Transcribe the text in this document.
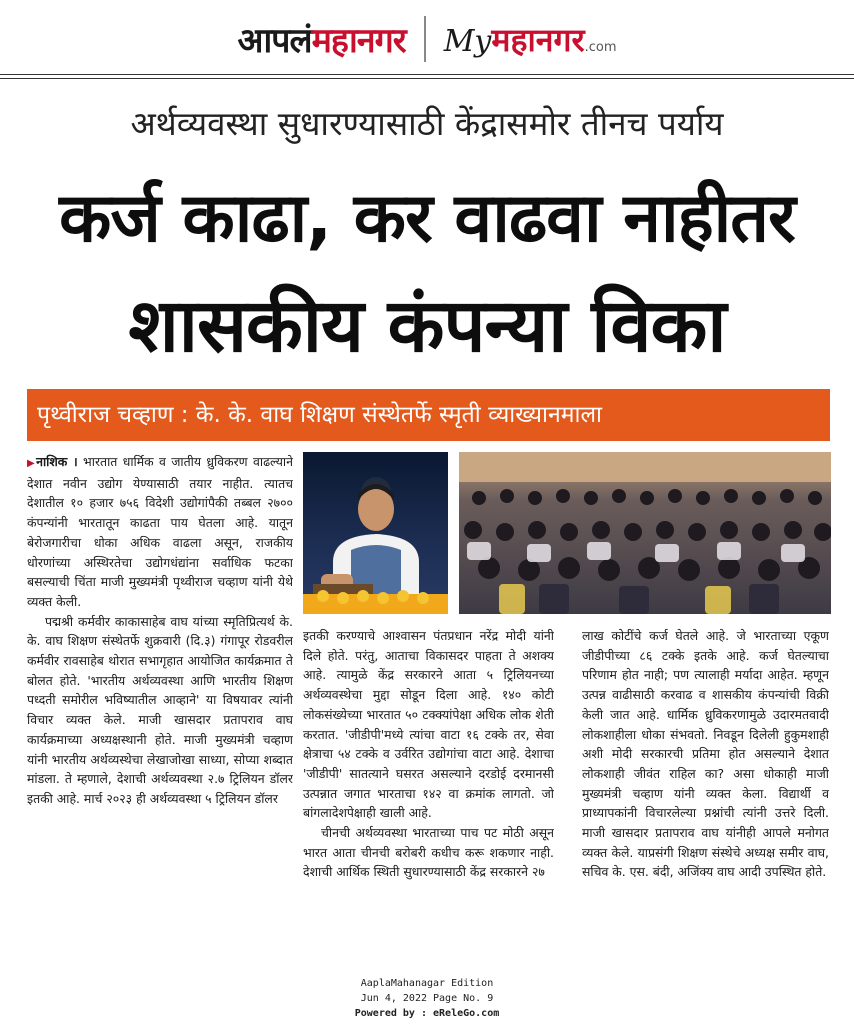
आपलंमहानगर Myमहानगर.com
अर्थव्यवस्था सुधारण्यासाठी केंद्रासमोर तीनच पर्याय
कर्ज काढा, कर वाढवा नाहीतर
शासकीय कंपन्या विका
पृथ्वीराज चव्हाण : के. के. वाघ शिक्षण संस्थेतर्फे स्मृती व्याख्यानमाला

▶नाशिक । भारतात धार्मिक व जातीय ध्रुविकरण वाढल्याने देशात नवीन उद्योग येण्यासाठी तयार नाहीत. त्यातच देशातील १० हजार ७५६ विदेशी उद्योगांपैकी तब्बल २७०० कंपन्यांनी भारतातून काढता पाय घेतला आहे. यातून बेरोजगारीचा धोका अधिक वाढला असून, राजकीय धोरणांच्या अस्थिरतेचा उद्योगधंद्यांना सर्वाधिक फटका बसल्याची चिंता माजी मुख्यमंत्री पृथ्वीराज चव्हाण यांनी येथे व्यक्त केली.

पद्मश्री कर्मवीर काकासाहेब वाघ यांच्या स्मृतिप्रित्यर्थ के. के. वाघ शिक्षण संस्थेतर्फे शुक्रवारी (दि.३) गंगापूर रोडवरील कर्मवीर रावसाहेब थोरात सभागृहात आयोजित कार्यक्रमात ते बोलत होते. 'भारतीय अर्थव्यवस्था आणि भारतीय शिक्षण पध्दती समोरील भविष्यातील आव्हाने' या विषयावर त्यांनी विचार व्यक्त केले. माजी खासदार प्रतापराव वाघ कार्यक्रमाच्या अध्यक्षस्थानी होते. माजी मुख्यमंत्री चव्हाण यांनी भारतीय अर्थव्यस्थेचा लेखाजोखा साध्या, सोप्या शब्दात मांडला. ते म्हणाले, देशाची अर्थव्यवस्था २.७ ट्रिलियन डॉलर इतकी आहे. मार्च २०२३ ही अर्थव्यवस्था ५ ट्रिलियन डॉलर

इतकी करण्याचे आश्वासन पंतप्रधान नरेंद्र मोदी यांनी दिले होते. परंतु, आताचा विकासदर पाहता ते अशक्य आहे. त्यामुळे केंद्र सरकारने आता ५ ट्रिलियनच्या अर्थव्यवस्थेचा मुद्दा सोडून दिला आहे. १४० कोटी लोकसंख्येच्या भारतात ५० टक्क्यांपेक्षा अधिक लोक शेती करतात. 'जीडीपी'मध्ये त्यांचा वाटा १६ टक्के तर, सेवा क्षेत्राचा ५४ टक्के व उर्वरित उद्योगांचा वाटा आहे. देशाचा 'जीडीपी' सातत्याने घसरत असल्याने दरडोई दरमानसी उत्पन्नात जगात भारताचा १४२ वा क्रमांक लागतो. जो बांगलादेशपेक्षाही खाली आहे.

चीनची अर्थव्यवस्था भारताच्या पाच पट मोठी असून भारत आता चीनची बरोबरी कधीच करू शकणार नाही. देशाची आर्थिक स्थिती सुधारण्यासाठी केंद्र सरकारने २७

लाख कोटींचे कर्ज घेतले आहे. जे भारताच्या एकूण जीडीपीच्या ८६ टक्के इतके आहे. कर्ज घेतल्याचा परिणाम होत नाही; पण त्यालाही मर्यादा आहेत. म्हणून उत्पन्न वाढीसाठी करवाढ व शासकीय कंपन्यांची विक्री केली जात आहे. धार्मिक ध्रुविकरणामुळे उदारमतवादी लोकशाहीला धोका संभवतो. निवडून दिलेली हुकुमशाही अशी मोदी सरकारची प्रतिमा होत असल्याने देशात लोकशाही जीवंत राहिल का? असा धोकाही माजी मुख्यमंत्री चव्हाण यांनी व्यक्त केला. विद्यार्थी व प्राध्यापकांनी विचारलेल्या प्रश्नांची त्यांनी उत्तरे दिली. माजी खासदार प्रतापराव वाघ यांनीही आपले मनोगत व्यक्त केले. याप्रसंगी शिक्षण संस्थेचे अध्यक्ष समीर वाघ, सचिव के. एस. बंदी, अजिंक्य वाघ आदी उपस्थित होते.

AaplaMahanagar Edition
Jun 4, 2022 Page No. 9
Powered by : eReleGo.com
